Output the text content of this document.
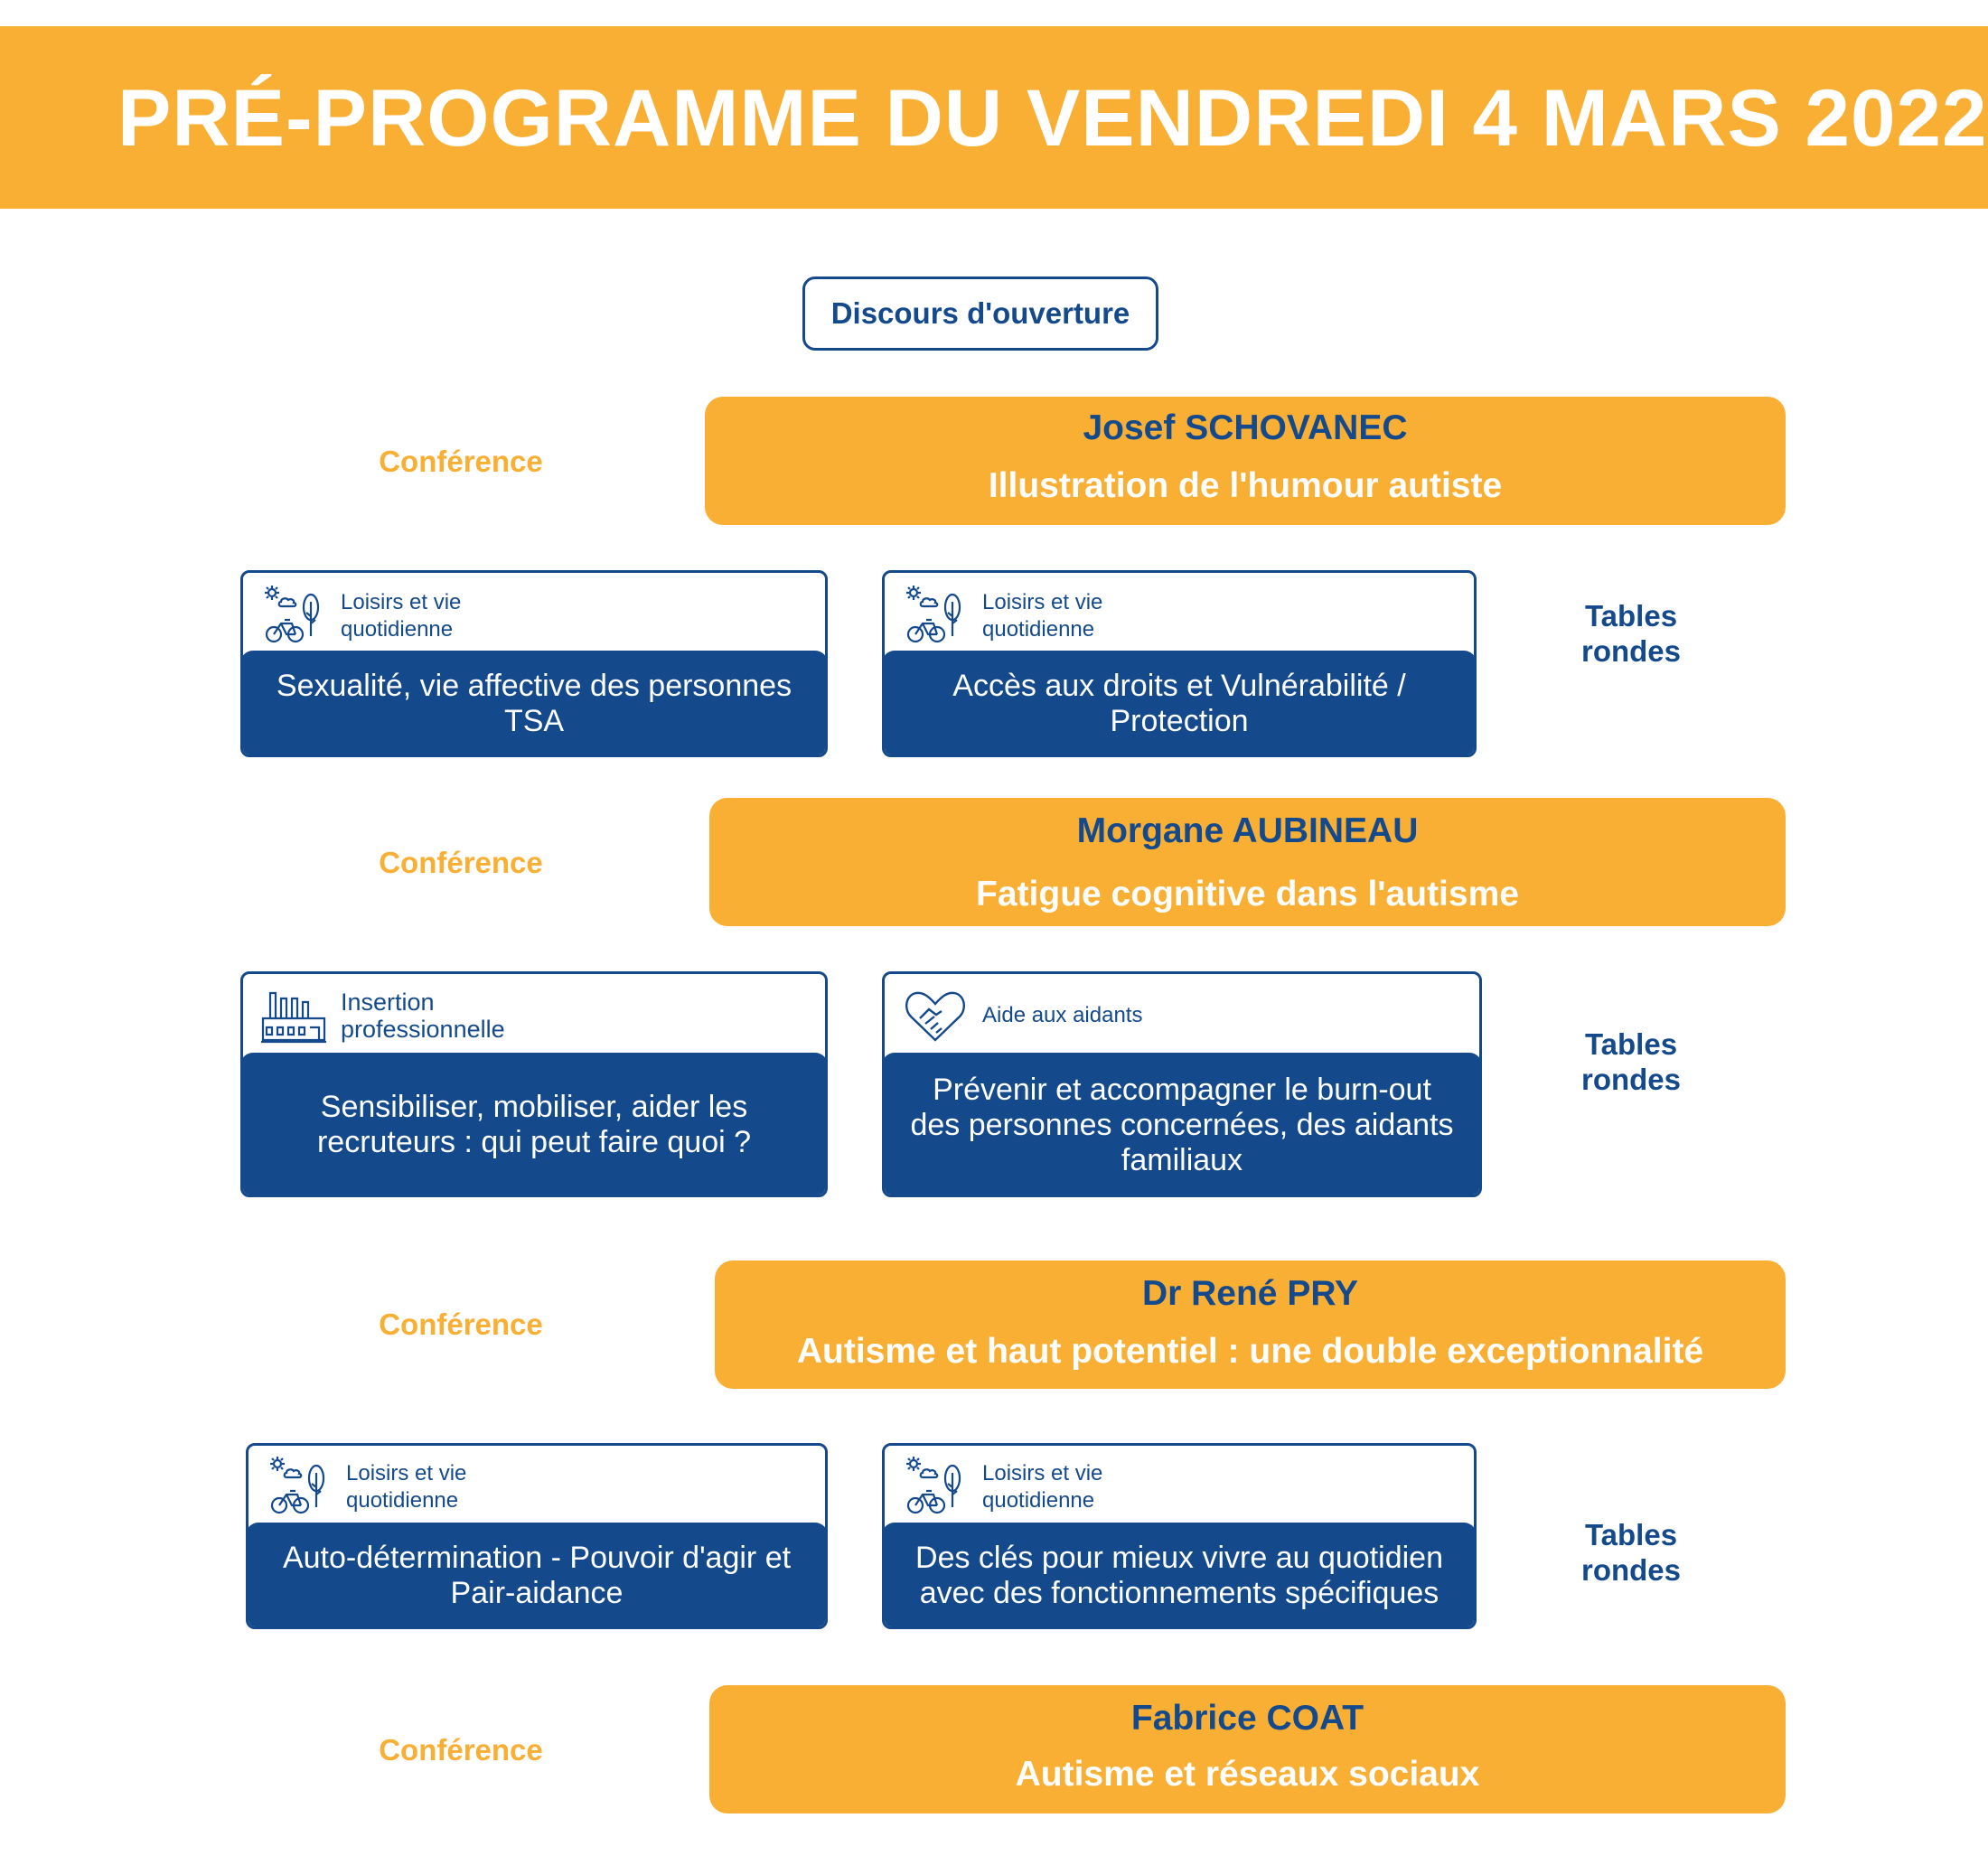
PRÉ-PROGRAMME DU VENDREDI 4 MARS 2022
Discours d'ouverture
Conférence
Josef SCHOVANEC
Illustration de l'humour autiste
Loisirs et vie quotidienne
Sexualité, vie affective des personnes TSA
Loisirs et vie quotidienne
Accès aux droits et Vulnérabilité / Protection
Tables
rondes
Conférence
Morgane AUBINEAU
Fatigue cognitive dans l'autisme
Insertion professionnelle
Sensibiliser, mobiliser, aider les recruteurs : qui peut faire quoi ?
Aide aux aidants
Prévenir et accompagner le burn-out des personnes concernées, des aidants familiaux
Tables
rondes
Conférence
Dr René PRY
Autisme et haut potentiel : une double exceptionnalité
Loisirs et vie quotidienne
Auto-détermination - Pouvoir d'agir et Pair-aidance
Loisirs et vie quotidienne
Des clés pour mieux vivre au quotidien avec des fonctionnements spécifiques
Tables
rondes
Conférence
Fabrice COAT
Autisme et réseaux sociaux
